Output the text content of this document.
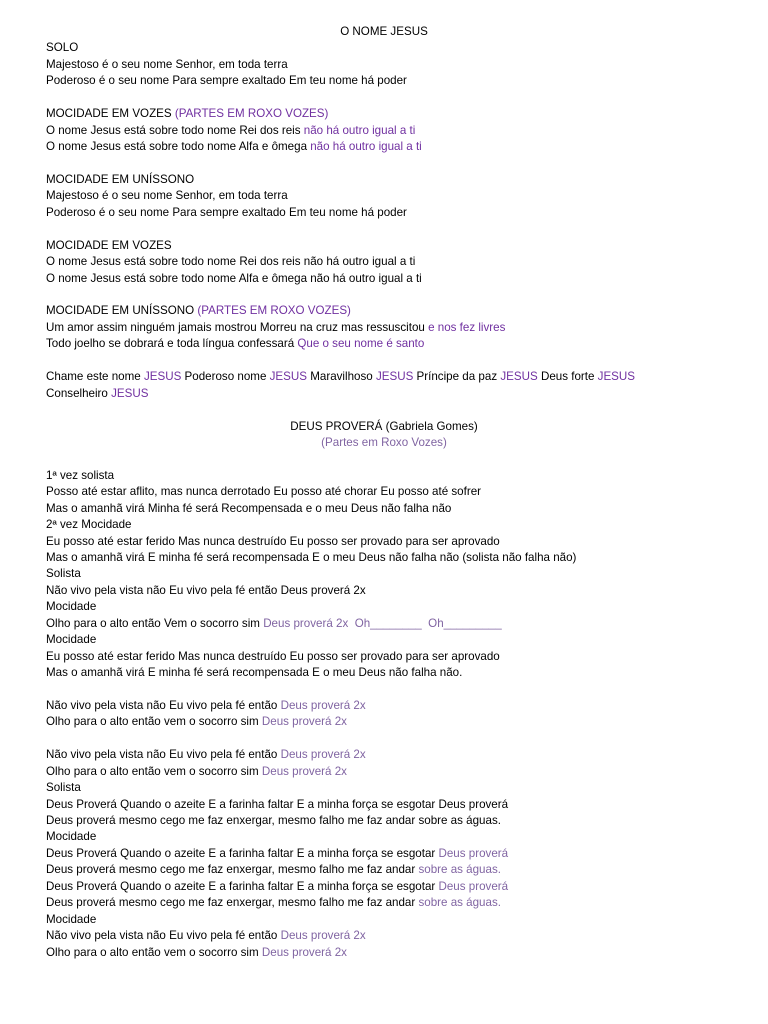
O NOME JESUS
SOLO
Majestoso é o seu nome Senhor, em toda terra
Poderoso é o seu nome Para sempre exaltado Em teu nome há poder
MOCIDADE EM VOZES (PARTES EM ROXO VOZES)
O nome Jesus está sobre todo nome Rei dos reis não há outro igual a ti
O nome Jesus está sobre todo nome Alfa e ômega não há outro igual a ti
MOCIDADE EM UNÍSSONO
Majestoso é o seu nome Senhor, em toda terra
Poderoso é o seu nome Para sempre exaltado Em teu nome há poder
MOCIDADE EM VOZES
O nome Jesus está sobre todo nome Rei dos reis não há outro igual a ti
O nome Jesus está sobre todo nome Alfa e ômega não há outro igual a ti
MOCIDADE EM UNÍSSONO (PARTES EM ROXO VOZES)
Um amor assim ninguém jamais mostrou Morreu na cruz mas ressuscitou e nos fez livres
Todo joelho se dobrará e toda língua confessará Que o seu nome é santo
Chame este nome JESUS Poderoso nome JESUS Maravilhoso JESUS Príncipe da paz JESUS Deus forte JESUS
Conselheiro JESUS
DEUS PROVERÁ (Gabriela Gomes)
(Partes em Roxo Vozes)
1ª vez solista
Posso até estar aflito, mas nunca derrotado Eu posso até chorar Eu posso até sofrer
Mas o amanhã virá Minha fé será Recompensada e o meu Deus não falha não
2ª vez Mocidade
Eu posso até estar ferido Mas nunca destruído Eu posso ser provado para ser aprovado
Mas o amanhã virá E minha fé será recompensada E o meu Deus não falha não (solista não falha não)
Solista
Não vivo pela vista não Eu vivo pela fé então Deus proverá 2x
Mocidade
Olho para o alto então Vem o socorro sim Deus proverá 2x  Oh________  Oh_________
Mocidade
Eu posso até estar ferido Mas nunca destruído Eu posso ser provado para ser aprovado
Mas o amanhã virá E minha fé será recompensada E o meu Deus não falha não.
Não vivo pela vista não Eu vivo pela fé então Deus proverá 2x
Olho para o alto então vem o socorro sim Deus proverá 2x
Não vivo pela vista não Eu vivo pela fé então Deus proverá 2x
Olho para o alto então vem o socorro sim Deus proverá 2x
Solista
Deus Proverá Quando o azeite E a farinha faltar E a minha força se esgotar Deus proverá
Deus proverá mesmo cego me faz enxergar, mesmo falho me faz andar sobre as águas.
Mocidade
Deus Proverá Quando o azeite E a farinha faltar E a minha força se esgotar Deus proverá
Deus proverá mesmo cego me faz enxergar, mesmo falho me faz andar sobre as águas.
Deus Proverá Quando o azeite E a farinha faltar E a minha força se esgotar Deus proverá
Deus proverá mesmo cego me faz enxergar, mesmo falho me faz andar sobre as águas.
Mocidade
Não vivo pela vista não Eu vivo pela fé então Deus proverá 2x
Olho para o alto então vem o socorro sim Deus proverá 2x
